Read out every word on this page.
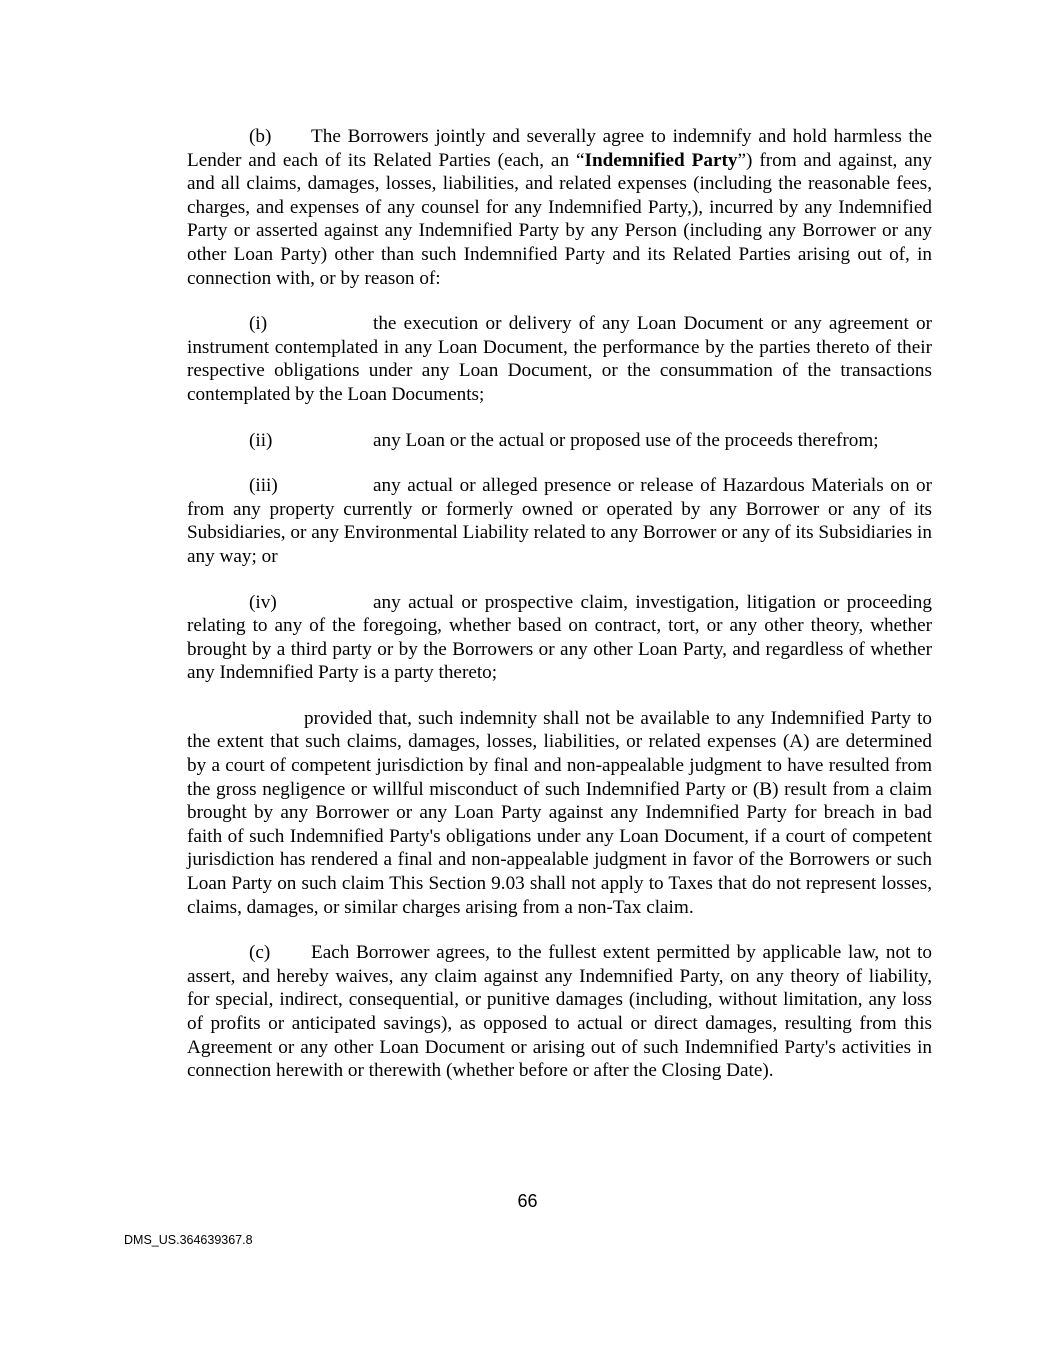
(b) The Borrowers jointly and severally agree to indemnify and hold harmless the Lender and each of its Related Parties (each, an “Indemnified Party”) from and against, any and all claims, damages, losses, liabilities, and related expenses (including the reasonable fees, charges, and expenses of any counsel for any Indemnified Party,), incurred by any Indemnified Party or asserted against any Indemnified Party by any Person (including any Borrower or any other Loan Party) other than such Indemnified Party and its Related Parties arising out of, in connection with, or by reason of:

(i)	the execution or delivery of any Loan Document or any agreement or instrument contemplated in any Loan Document, the performance by the parties thereto of their respective obligations under any Loan Document, or the consummation of the transactions contemplated by the Loan Documents;

(ii)	any Loan or the actual or proposed use of the proceeds therefrom;

(iii)	any actual or alleged presence or release of Hazardous Materials on or from any property currently or formerly owned or operated by any Borrower or any of its Subsidiaries, or any Environmental Liability related to any Borrower or any of its Subsidiaries in any way; or

(iv)	any actual or prospective claim, investigation, litigation or proceeding relating to any of the foregoing, whether based on contract, tort, or any other theory, whether brought by a third party or by the Borrowers or any other Loan Party, and regardless of whether any Indemnified Party is a party thereto;

provided that, such indemnity shall not be available to any Indemnified Party to the extent that such claims, damages, losses, liabilities, or related expenses (A) are determined by a court of competent jurisdiction by final and non-appealable judgment to have resulted from the gross negligence or willful misconduct of such Indemnified Party or (B) result from a claim brought by any Borrower or any Loan Party against any Indemnified Party for breach in bad faith of such Indemnified Party's obligations under any Loan Document, if a court of competent jurisdiction has rendered a final and non-appealable judgment in favor of the Borrowers or such Loan Party on such claim This Section 9.03 shall not apply to Taxes that do not represent losses, claims, damages, or similar charges arising from a non-Tax claim.

(c) Each Borrower agrees, to the fullest extent permitted by applicable law, not to assert, and hereby waives, any claim against any Indemnified Party, on any theory of liability, for special, indirect, consequential, or punitive damages (including, without limitation, any loss of profits or anticipated savings), as opposed to actual or direct damages, resulting from this Agreement or any other Loan Document or arising out of such Indemnified Party's activities in connection herewith or therewith (whether before or after the Closing Date).

66
DMS_US.364639367.8
